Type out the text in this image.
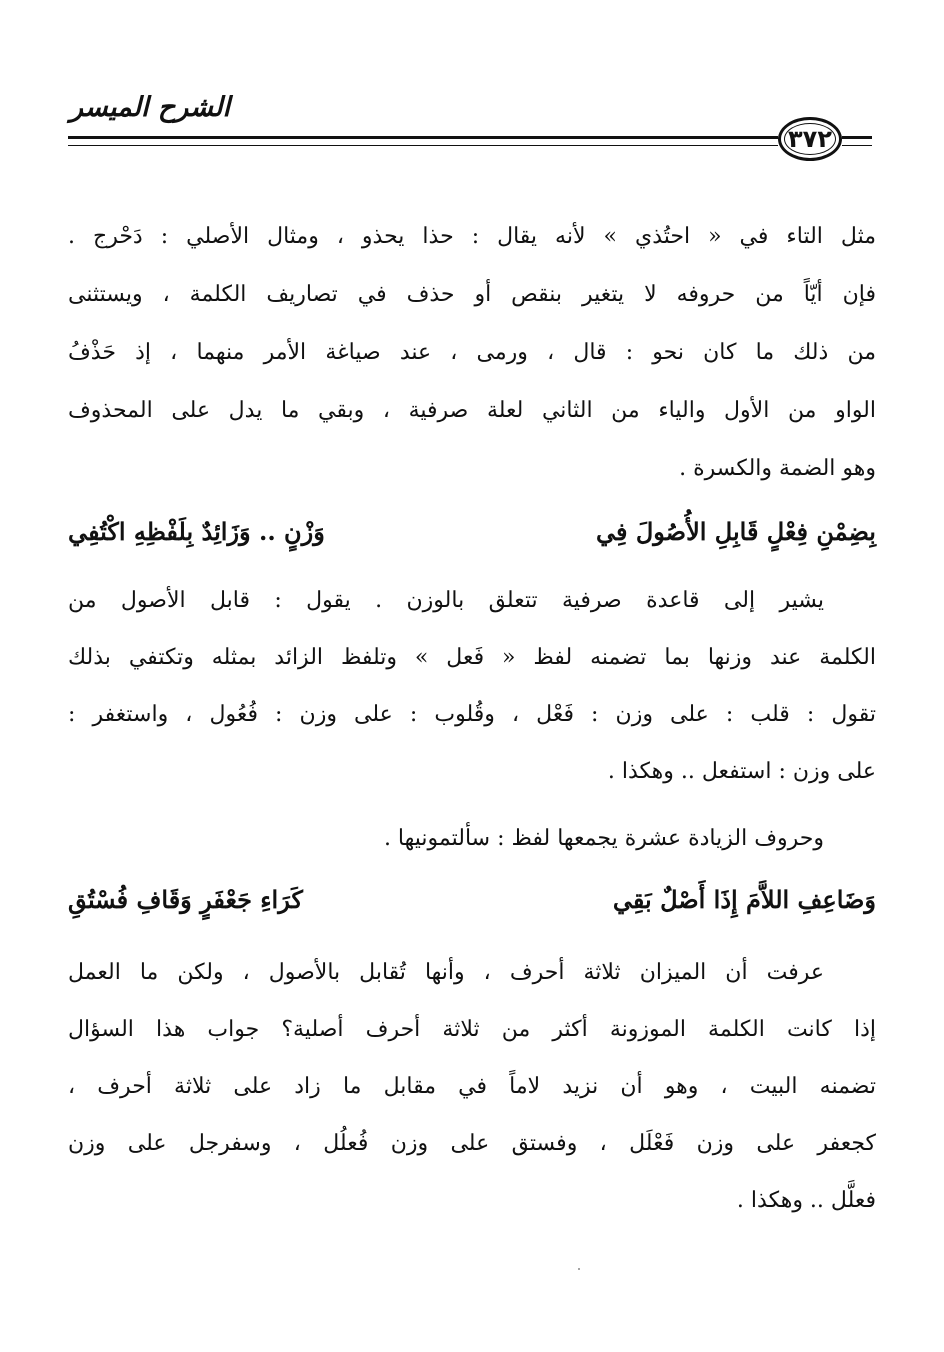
الشرح الميسر
٣٧٢
مثل التاء في « احتُذي » لأنه يقال : حذا يحذو ، ومثال الأصلي : دَحْرج .
فإن أيّاً من حروفه لا يتغير بنقص أو حذف في تصاريف الكلمة ، ويستثنى
من ذلك ما كان نحو : قال ، ورمى ، عند صياغة الأمر منهما ، إذ حَذْفُ
الواو من الأول والياء من الثاني لعلة صرفية ، وبقي ما يدل على المحذوف
وهو الضمة والكسرة .
بِضِمْنِ فِعْلٍ قَابِلِ الأُصُولَ فِي
وَزْنٍ .. وَزَائِدٌ بِلَفْظِهِ اكْتُفِي
يشير إلى قاعدة صرفية تتعلق بالوزن . يقول : قابل الأصول من
الكلمة عند وزنها بما تضمنه لفظ « فَعل » وتلفظ الزائد بمثله وتكتفي بذلك
تقول : قلب : على وزن : فَعْل ، وقُلوب : على وزن : فُعُول ، واستغفر :
على وزن : استفعل .. وهكذا .
وحروف الزيادة عشرة يجمعها لفظ : سألتمونيها .
وَضَاعِفِ اللاَّمَ إِذَا أَصْلٌ بَقِي
كَرَاءِ جَعْفَرٍ وَقَافِ فُسْتُقِ
عرفت أن الميزان ثلاثة أحرف ، وأنها تُقابل بالأصول ، ولكن ما العمل
إذا كانت الكلمة الموزونة أكثر من ثلاثة أحرف أصلية؟ جواب هذا السؤال
تضمنه البيت ، وهو أن نزيد لاماً في مقابل ما زاد على ثلاثة أحرف ،
كجعفر على وزن فَعْلَل ، وفستق على وزن فُعلُل ، وسفرجل على وزن
فعلَّل .. وهكذا .
